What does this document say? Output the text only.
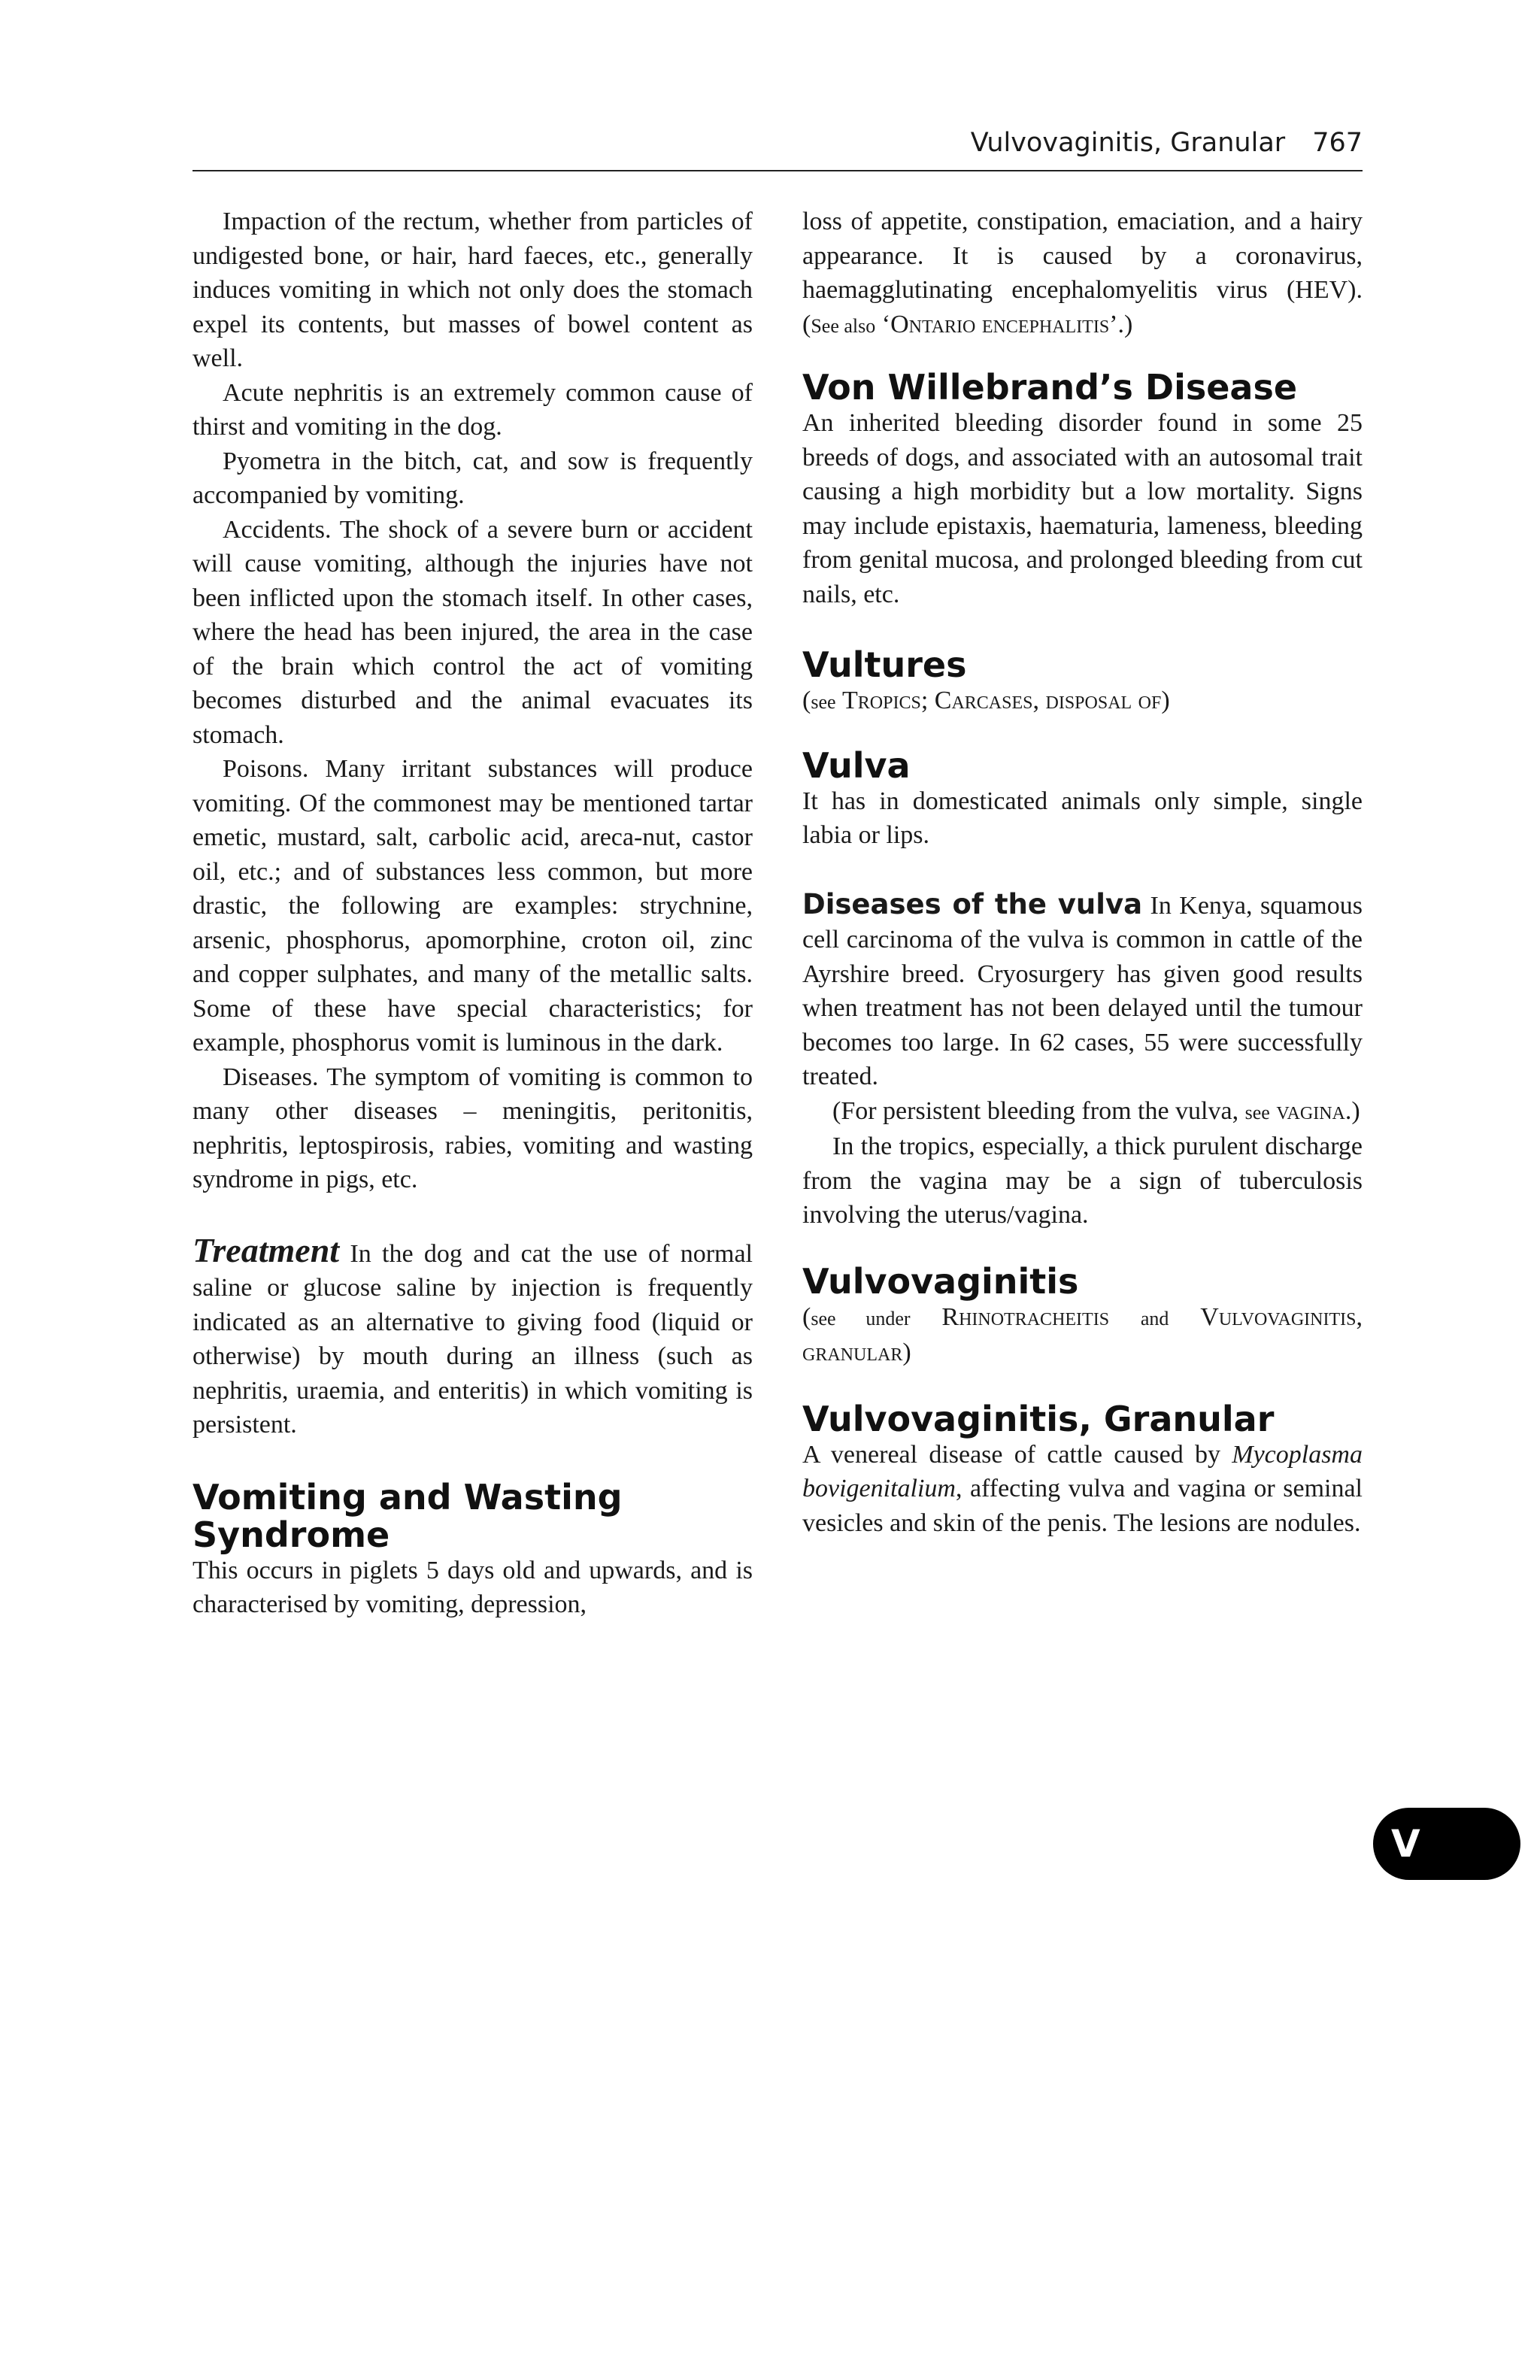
Vulvovaginitis, Granular 767

Impaction of the rectum, whether from particles of undigested bone, or hair, hard faeces, etc., generally induces vomiting in which not only does the stomach expel its contents, but masses of bowel content as well.

Acute nephritis is an extremely common cause of thirst and vomiting in the dog.

Pyometra in the bitch, cat, and sow is frequently accompanied by vomiting.

Accidents. The shock of a severe burn or accident will cause vomiting, although the injuries have not been inflicted upon the stomach itself. In other cases, where the head has been injured, the area in the case of the brain which control the act of vomiting becomes disturbed and the animal evacuates its stomach.

Poisons. Many irritant substances will produce vomiting. Of the commonest may be mentioned tartar emetic, mustard, salt, carbolic acid, areca-nut, castor oil, etc.; and of substances less common, but more drastic, the following are examples: strychnine, arsenic, phosphorus, apomorphine, croton oil, zinc and copper sulphates, and many of the metallic salts. Some of these have special characteristics; for example, phosphorus vomit is luminous in the dark.

Diseases. The symptom of vomiting is common to many other diseases – meningitis, peritonitis, nephritis, leptospirosis, rabies, vomiting and wasting syndrome in pigs, etc.

Treatment In the dog and cat the use of normal saline or glucose saline by injection is frequently indicated as an alternative to giving food (liquid or otherwise) by mouth during an illness (such as nephritis, uraemia, and enteritis) in which vomiting is persistent.

Vomiting and Wasting
Syndrome

This occurs in piglets 5 days old and upwards, and is characterised by vomiting, depression,

loss of appetite, constipation, emaciation, and a hairy appearance. It is caused by a coronavirus, haemagglutinating encephalomyelitis virus (HEV). (See also ‘Ontario encephalitis’.)

Von Willebrand’s Disease

An inherited bleeding disorder found in some 25 breeds of dogs, and associated with an autosomal trait causing a high morbidity but a low mortality. Signs may include epistaxis, haematuria, lameness, bleeding from genital mucosa, and prolonged bleeding from cut nails, etc.

Vultures

(see Tropics; Carcases, disposal of)

Vulva

It has in domesticated animals only simple, single labia or lips.

Diseases of the vulva In Kenya, squamous cell carcinoma of the vulva is common in cattle of the Ayrshire breed. Cryosurgery has given good results when treatment has not been delayed until the tumour becomes too large. In 62 cases, 55 were successfully treated.

(For persistent bleeding from the vulva, see vagina.)

In the tropics, especially, a thick purulent discharge from the vagina may be a sign of tuberculosis involving the uterus/vagina.

Vulvovaginitis

(see under Rhinotracheitis and Vulvovaginitis, granular)

Vulvovaginitis, Granular

A venereal disease of cattle caused by Mycoplasma bovigenitalium, affecting vulva and vagina or seminal vesicles and skin of the penis. The lesions are nodules.

V
